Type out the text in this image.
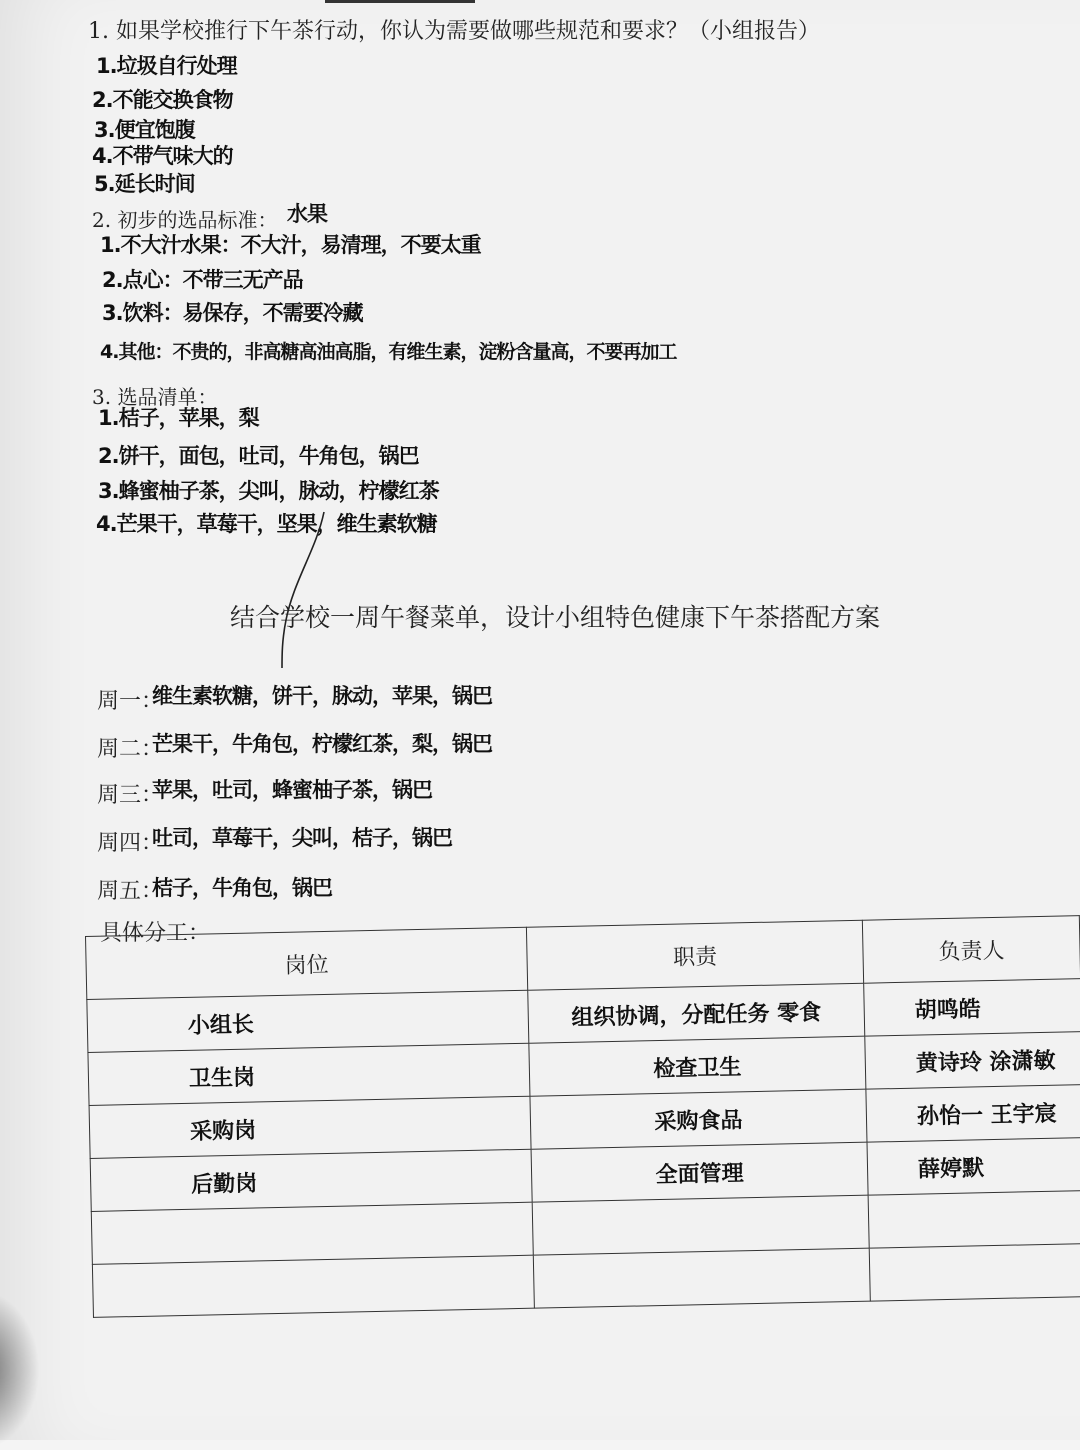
1. 如果学校推行下午茶行动，你认为需要做哪些规范和要求？（小组报告）
1.垃圾自行处理
2.不能交换食物
3.便宜饱腹
4.不带气味大的
5.延长时间
2. 初步的选品标准： 水果
1.不大汁水果：不大汁，易清理，不要太重
2.点心：不带三无产品
3.饮料：易保存，不需要冷藏
4.其他：不贵的，非高糖高油高脂，有维生素，淀粉含量高，不要再加工
3. 选品清单：
1.桔子，苹果，梨
2.饼干，面包，吐司，牛角包，锅巴
3.蜂蜜柚子茶，尖叫，脉动，柠檬红茶
4.芒果干，草莓干，坚果，维生素软糖
结合学校一周午餐菜单，设计小组特色健康下午茶搭配方案
周一：
维生素软糖，饼干，脉动，苹果，锅巴
周二：
芒果干，牛角包，柠檬红茶，梨，锅巴
周三：
苹果，吐司，蜂蜜柚子茶，锅巴
周四：
吐司，草莓干，尖叫，桔子，锅巴
周五：
桔子，牛角包，锅巴
具体分工：
岗位	职责	负责人
小组长	组织协调，分配任务 零食	胡鸣皓
卫生岗	检查卫生	黄诗玲 涂潇敏
采购岗	采购食品	孙怡一 王宇宸
后勤岗	全面管理	薛婷默
